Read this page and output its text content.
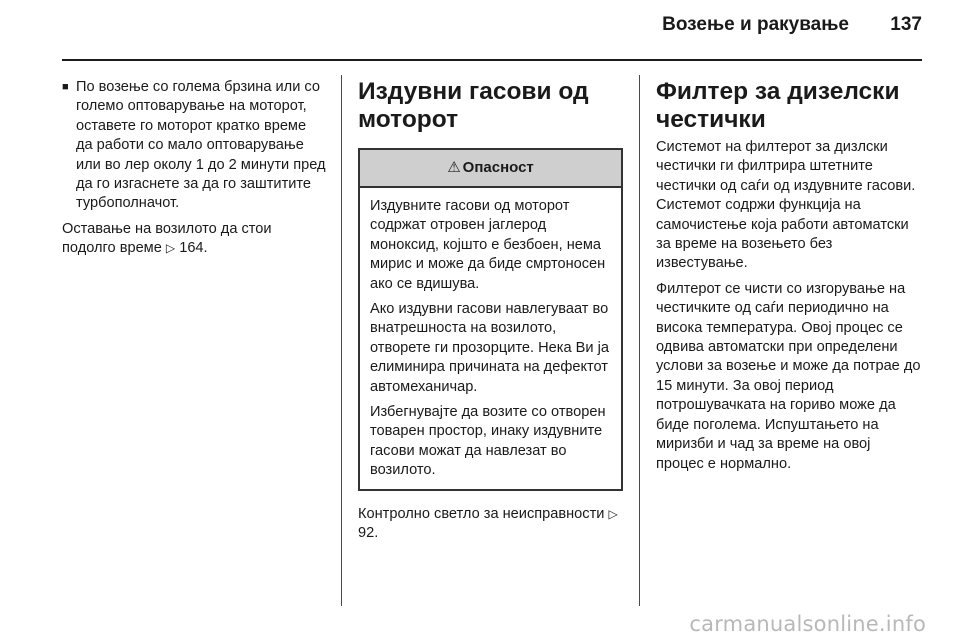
Возење и ракување 137
■ По возење со голема брзина или со големо оптоварување на моторот, оставете го моторот кратко време да работи со мало оптоварување или во лер околу 1 до 2 минути пред да го изгаснете за да го заштитите турбополначот.

Оставање на возилото да стои подолго време ▷ 164.

Издувни гасови од моторот
⚠ Опасност

Издувните гасови од моторот содржат отровен јаглерод моноксид, којшто е безбоен, нема мирис и може да биде смртоносен ако се вдишува.

Ако издувни гасови навлегуваат во внатрешноста на возилото, отворете ги прозорците. Нека Ви ја елиминира причината на дефектот автомеханичар.

Избегнувајте да возите со отворен товарен простор, инаку издувните гасови можат да навлезат во возилото.

Контролно светло за неисправности ▷ 92.

Филтер за дизелски честички

Системот на филтерот за дизлски честички ги филтрира штетните честички од саѓи од издувните гасови. Системот содржи функција на самочистење која работи автоматски за време на возењето без известување.

Филтерот се чисти со изгорување на честичките од саѓи периодично на висока температура. Овој процес се одвива автоматски при определени услови за возење и може да потрае до 15 минути. За овој период потрошувачката на гориво може да биде поголема. Испуштањето на миризби и чад за време на овој процес е нормално.

carmanualsonline.info
